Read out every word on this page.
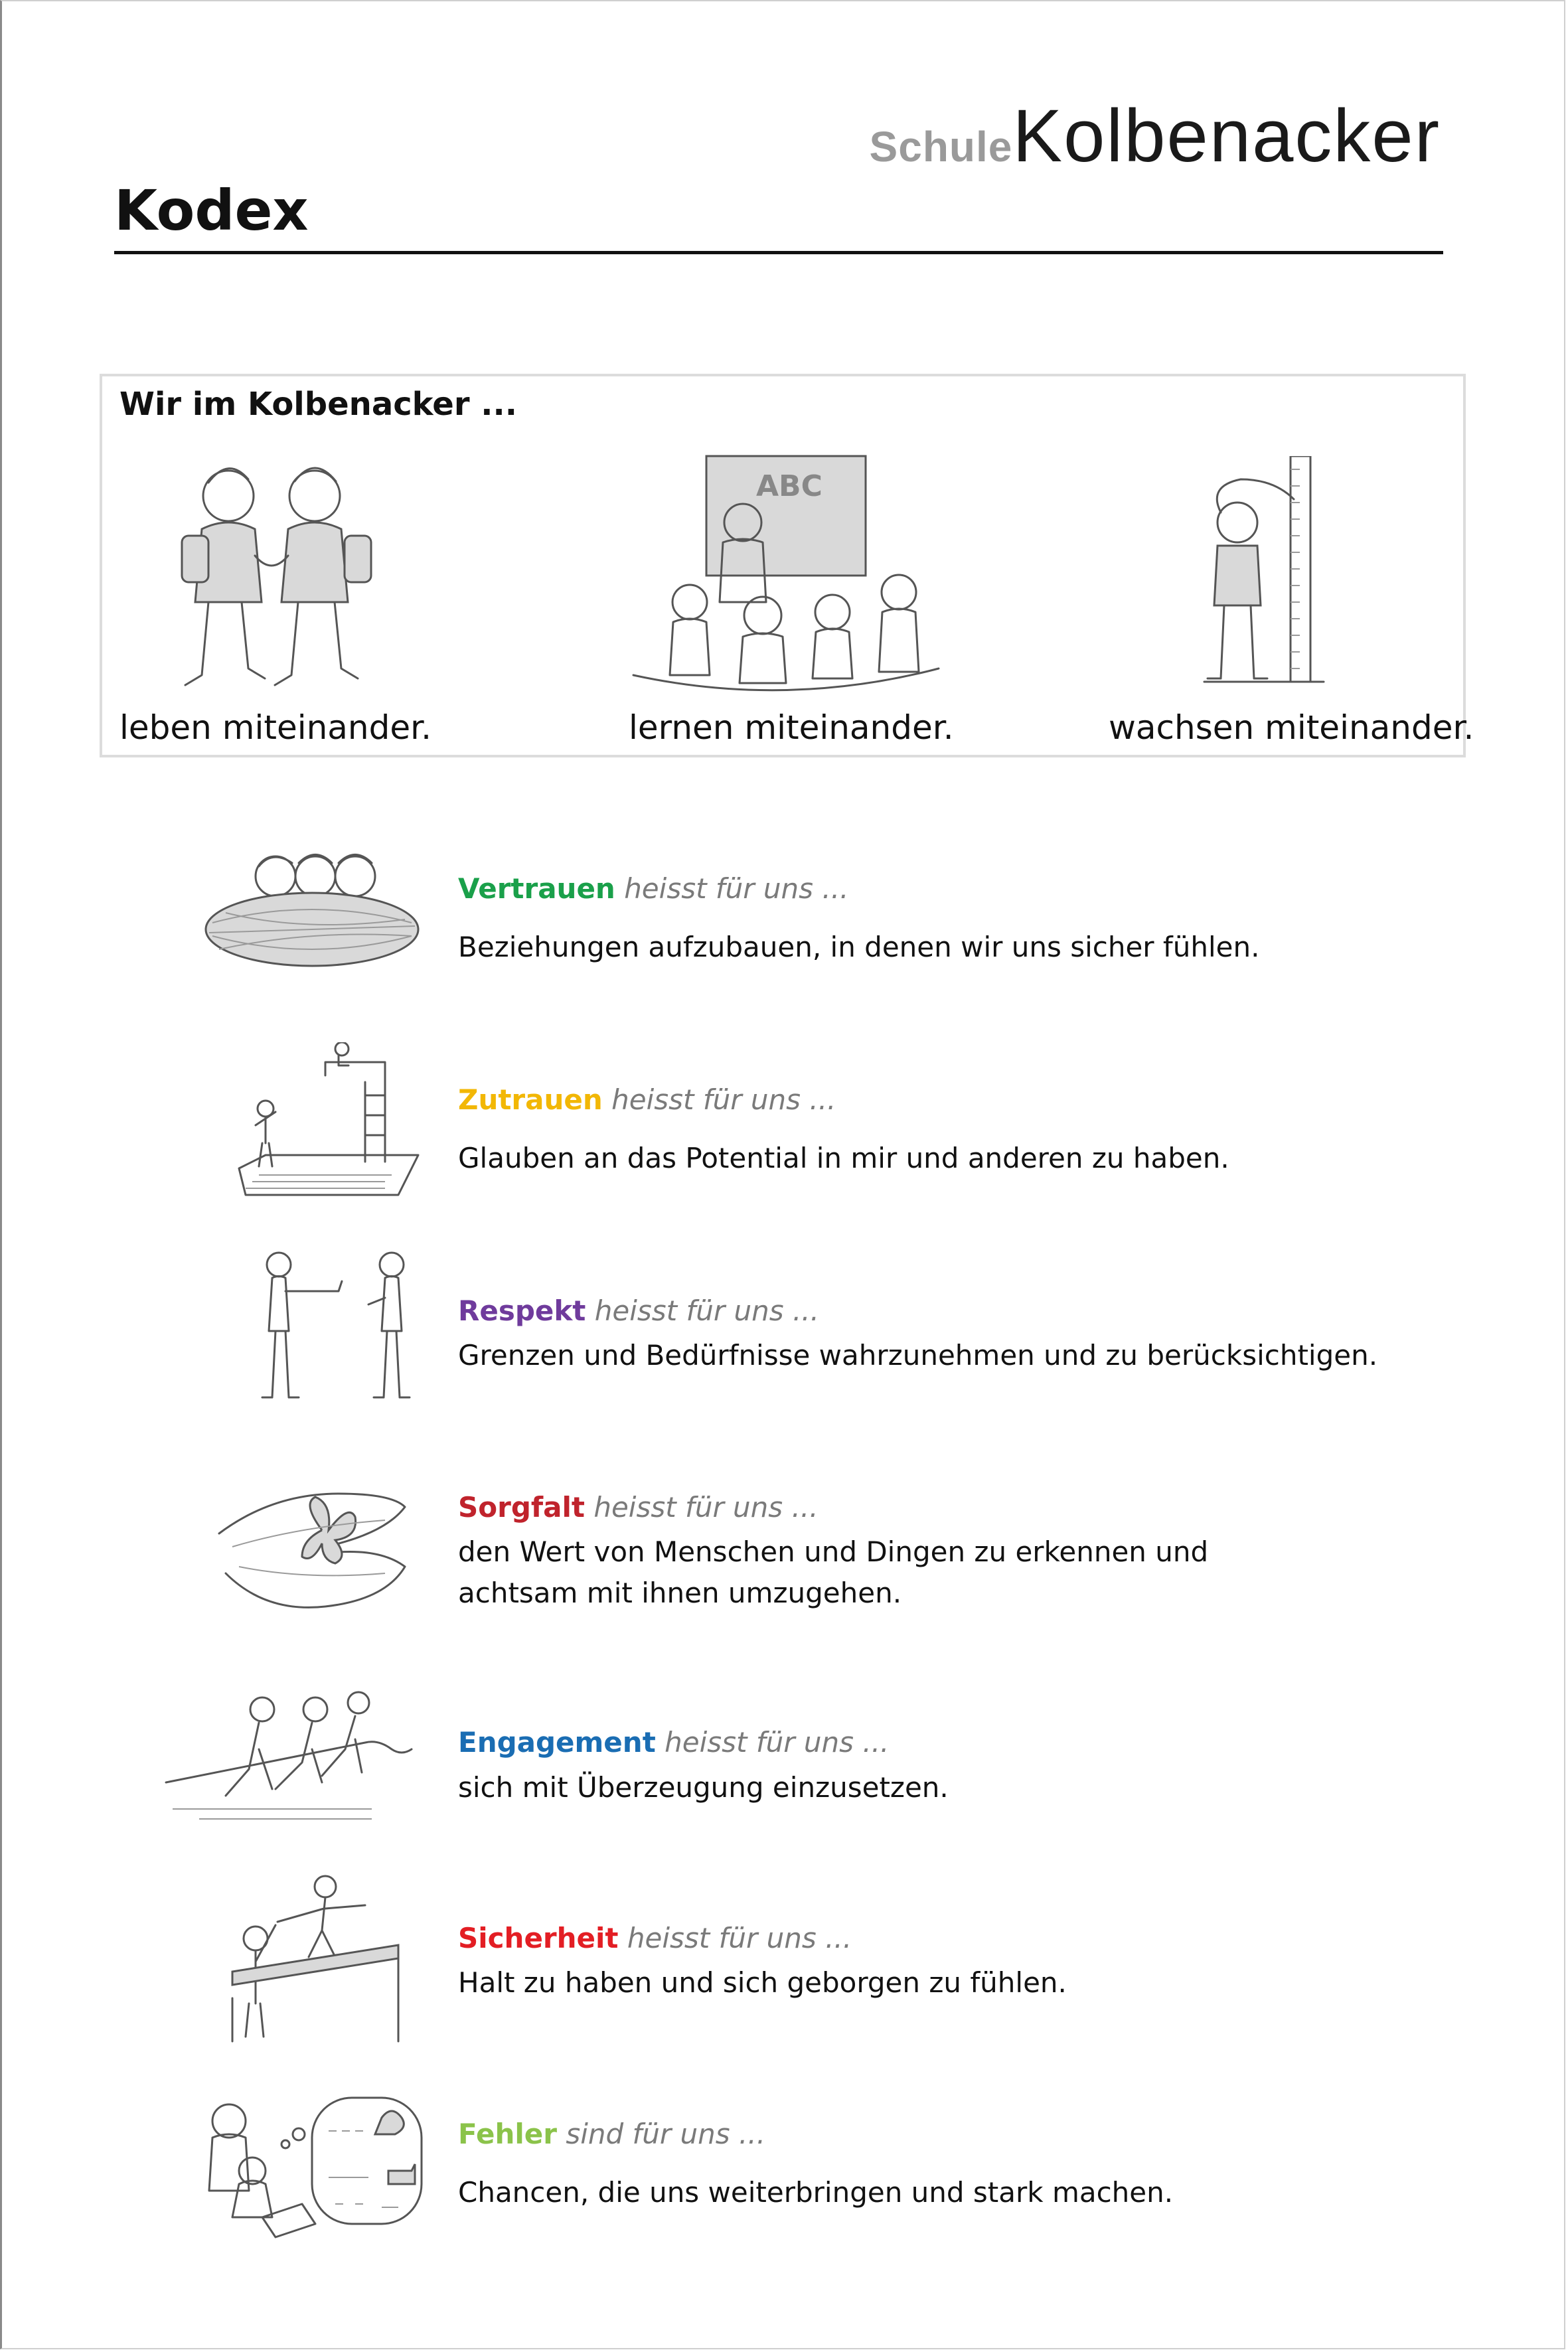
SchuleKolbenacker
Kodex
Wir im Kolbenacker ...
ABC
leben miteinander.	lernen miteinander.	wachsen miteinander.
Vertrauen heisst für uns ...
Beziehungen aufzubauen, in denen wir uns sicher fühlen.
Zutrauen heisst für uns ...
Glauben an das Potential in mir und anderen zu haben.
Respekt heisst für uns ...
Grenzen und Bedürfnisse wahrzunehmen und zu berücksichtigen.
Sorgfalt heisst für uns ...
den Wert von Menschen und Dingen zu erkennen und achtsam mit ihnen umzugehen.
Engagement heisst für uns ...
sich mit Überzeugung einzusetzen.
Sicherheit heisst für uns ...
Halt zu haben und sich geborgen zu fühlen.
Fehler sind für uns ...
Chancen, die uns weiterbringen und stark machen.
